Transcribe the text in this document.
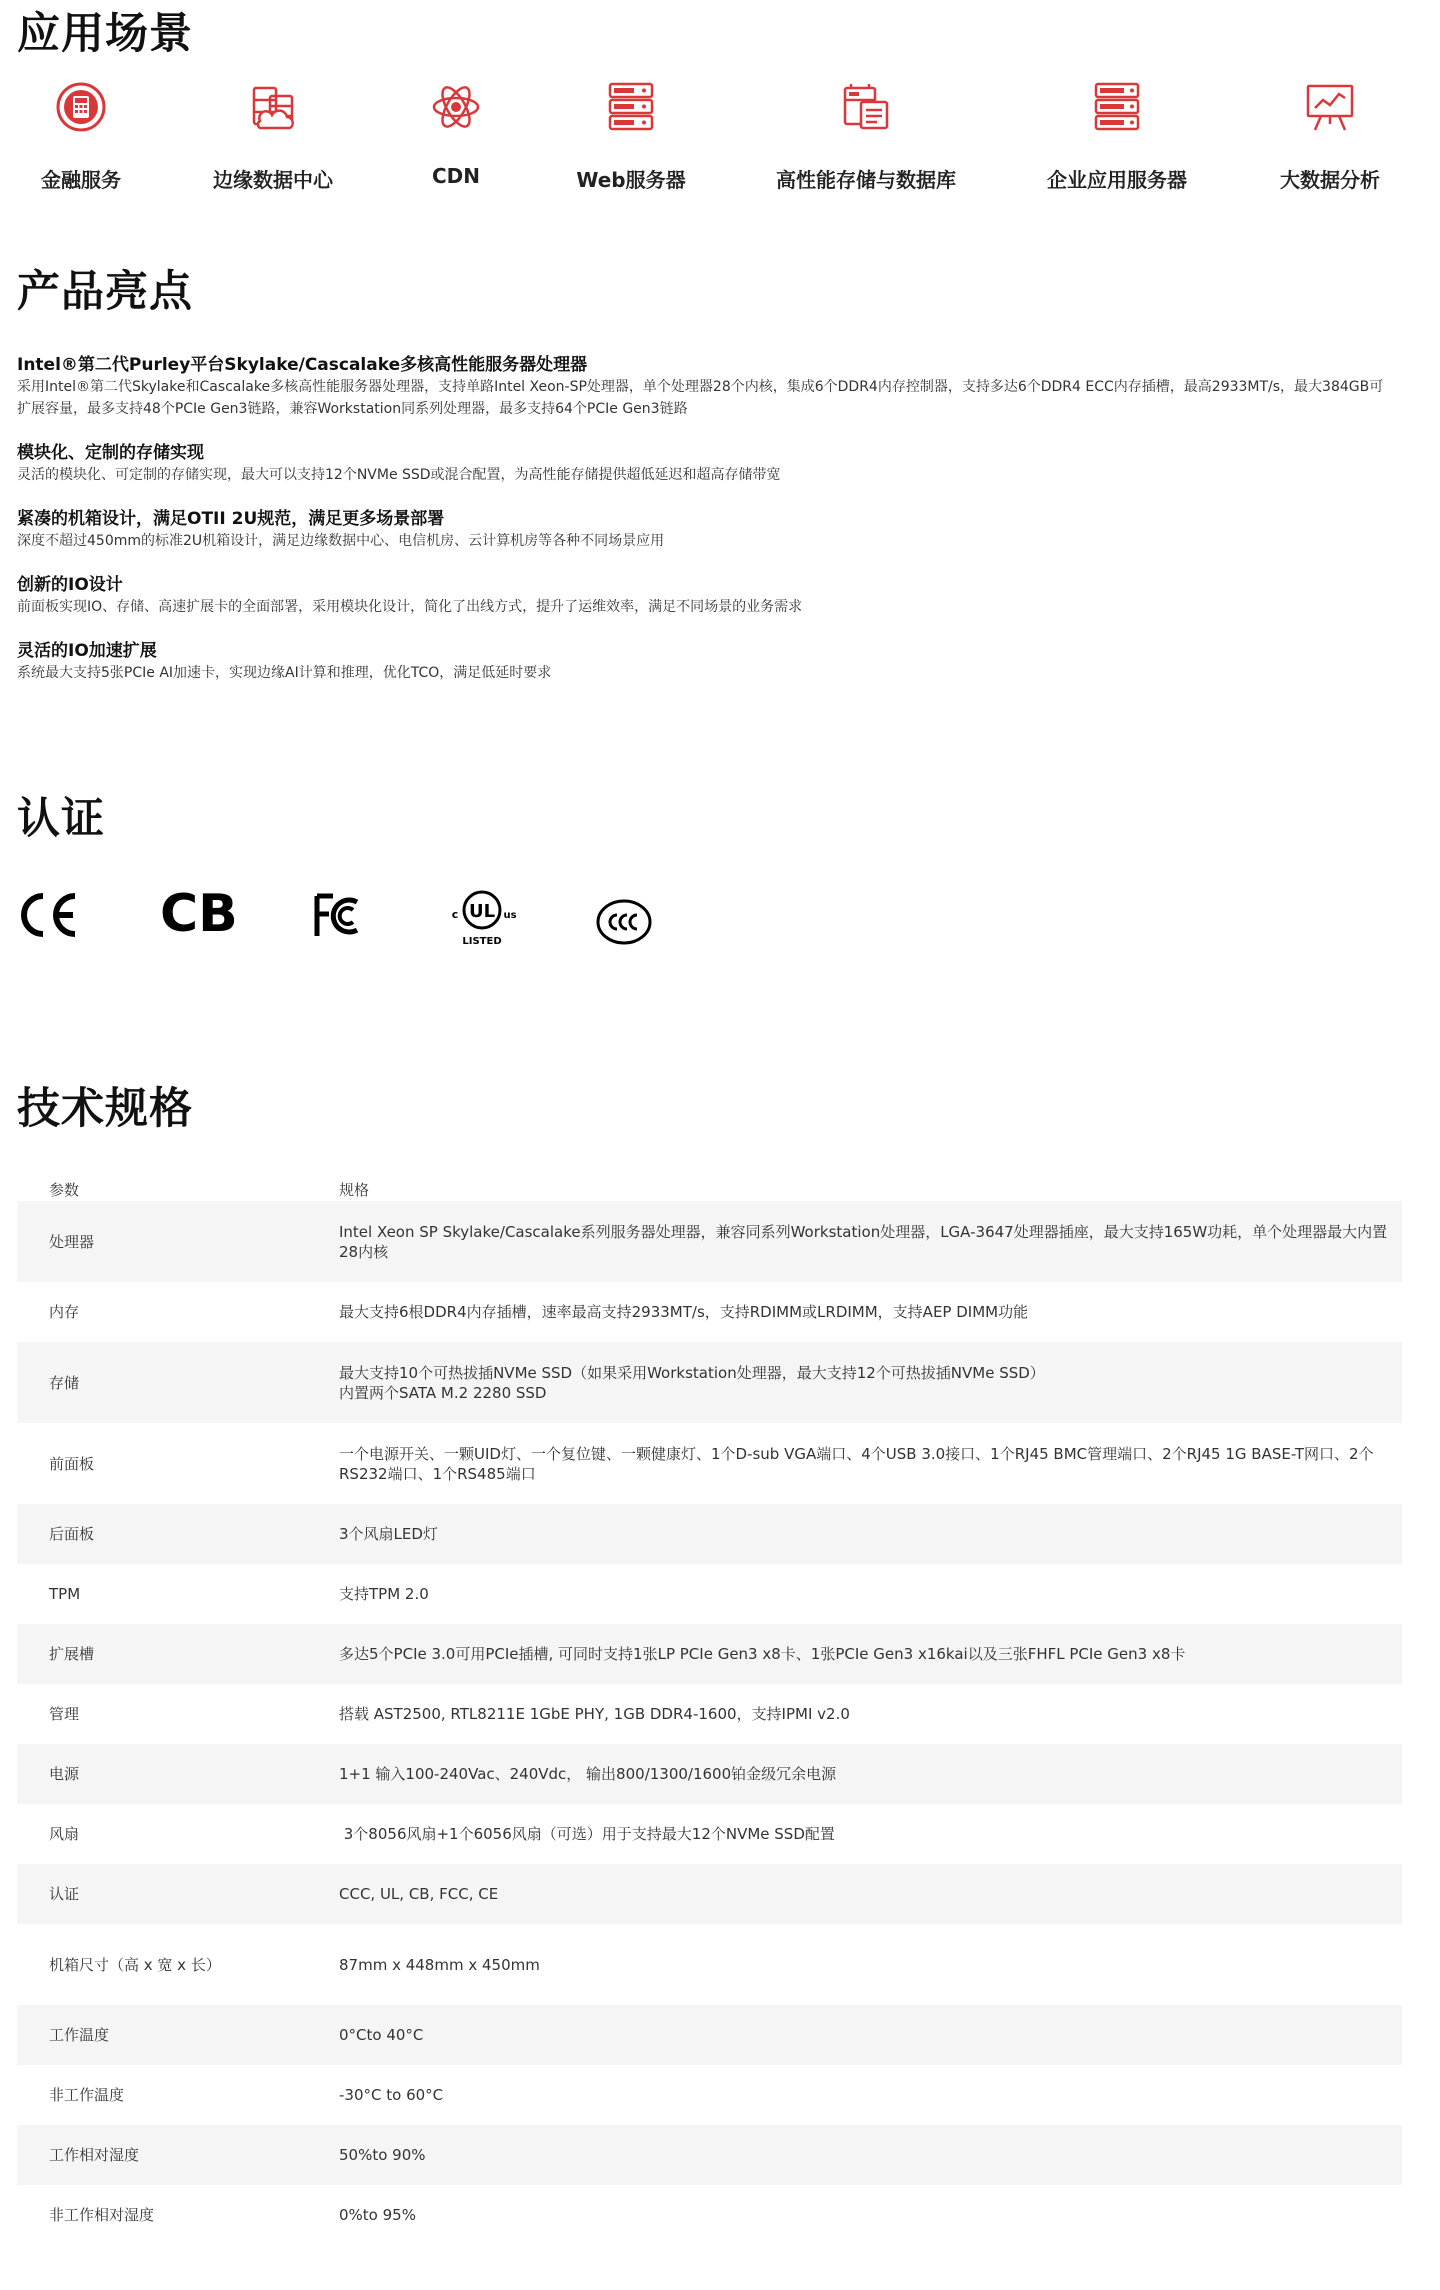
应用场景
金融服务	边缘数据中心	CDN	Web服务器	高性能存储与数据库	企业应用服务器	大数据分析
产品亮点
Intel®第二代Purley平台Skylake/Cascalake多核高性能服务器处理器
采用Intel®第二代Skylake和Cascalake多核高性能服务器处理器，支持单路Intel Xeon-SP处理器，单个处理器28个内核，集成6个DDR4内存控制器，支持多达6个DDR4 ECC内存插槽，最高2933MT/s，最大384GB可扩展容量，最多支持48个PCIe Gen3链路，兼容Workstation同系列处理器，最多支持64个PCIe Gen3链路
模块化、定制的存储实现
灵活的模块化、可定制的存储实现，最大可以支持12个NVMe SSD或混合配置，为高性能存储提供超低延迟和超高存储带宽
紧凑的机箱设计，满足OTII 2U规范，满足更多场景部署
深度不超过450mm的标准2U机箱设计，满足边缘数据中心、电信机房、云计算机房等各种不同场景应用
创新的IO设计
前面板实现IO、存储、高速扩展卡的全面部署，采用模块化设计，简化了出线方式，提升了运维效率，满足不同场景的业务需求
灵活的IO加速扩展
系统最大支持5张PCIe AI加速卡，实现边缘AI计算和推理，优化TCO，满足低延时要求
认证
CB	UL
c	us
LISTED
技术规格
参数	规格
处理器	Intel Xeon SP Skylake/Cascalake系列服务器处理器，兼容同系列Workstation处理器，LGA-3647处理器插座，最大支持165W功耗，单个处理器最大内置28内核
内存	最大支持6根DDR4内存插槽，速率最高支持2933MT/s，支持RDIMM或LRDIMM，支持AEP DIMM功能
存储	最大支持10个可热拔插NVMe SSD（如果采用Workstation处理器，最大支持12个可热拔插NVMe SSD）
内置两个SATA M.2 2280 SSD

前面板	一个电源开关、一颗UID灯、一个复位键、一颗健康灯、1个D-sub VGA端口、4个USB 3.0接口、1个RJ45 BMC管理端口、2个RJ45 1G BASE-T网口、2个RS232端口、1个RS485端口
后面板	3个风扇LED灯
TPM	支持TPM 2.0
扩展槽	多达5个PCIe 3.0可用PCIe插槽, 可同时支持1张LP PCIe Gen3 x8卡、1张PCIe Gen3 x16kai以及三张FHFL PCIe Gen3 x8卡
管理	搭载 AST2500, RTL8211E 1GbE PHY, 1GB DDR4-1600，支持IPMI v2.0
电源	1+1 输入100-240Vac、240Vdc， 输出800/1300/1600铂金级冗余电源
风扇	3个8056风扇+1个6056风扇（可选）用于支持最大12个NVMe SSD配置
认证	CCC, UL, CB, FCC, CE
机箱尺寸（高 x 宽 x 长）	87mm x 448mm x 450mm
工作温度	0°Cto 40°C
非工作温度	-30°C to 60°C
工作相对湿度	50%to 90%
非工作相对湿度	0%to 95%
